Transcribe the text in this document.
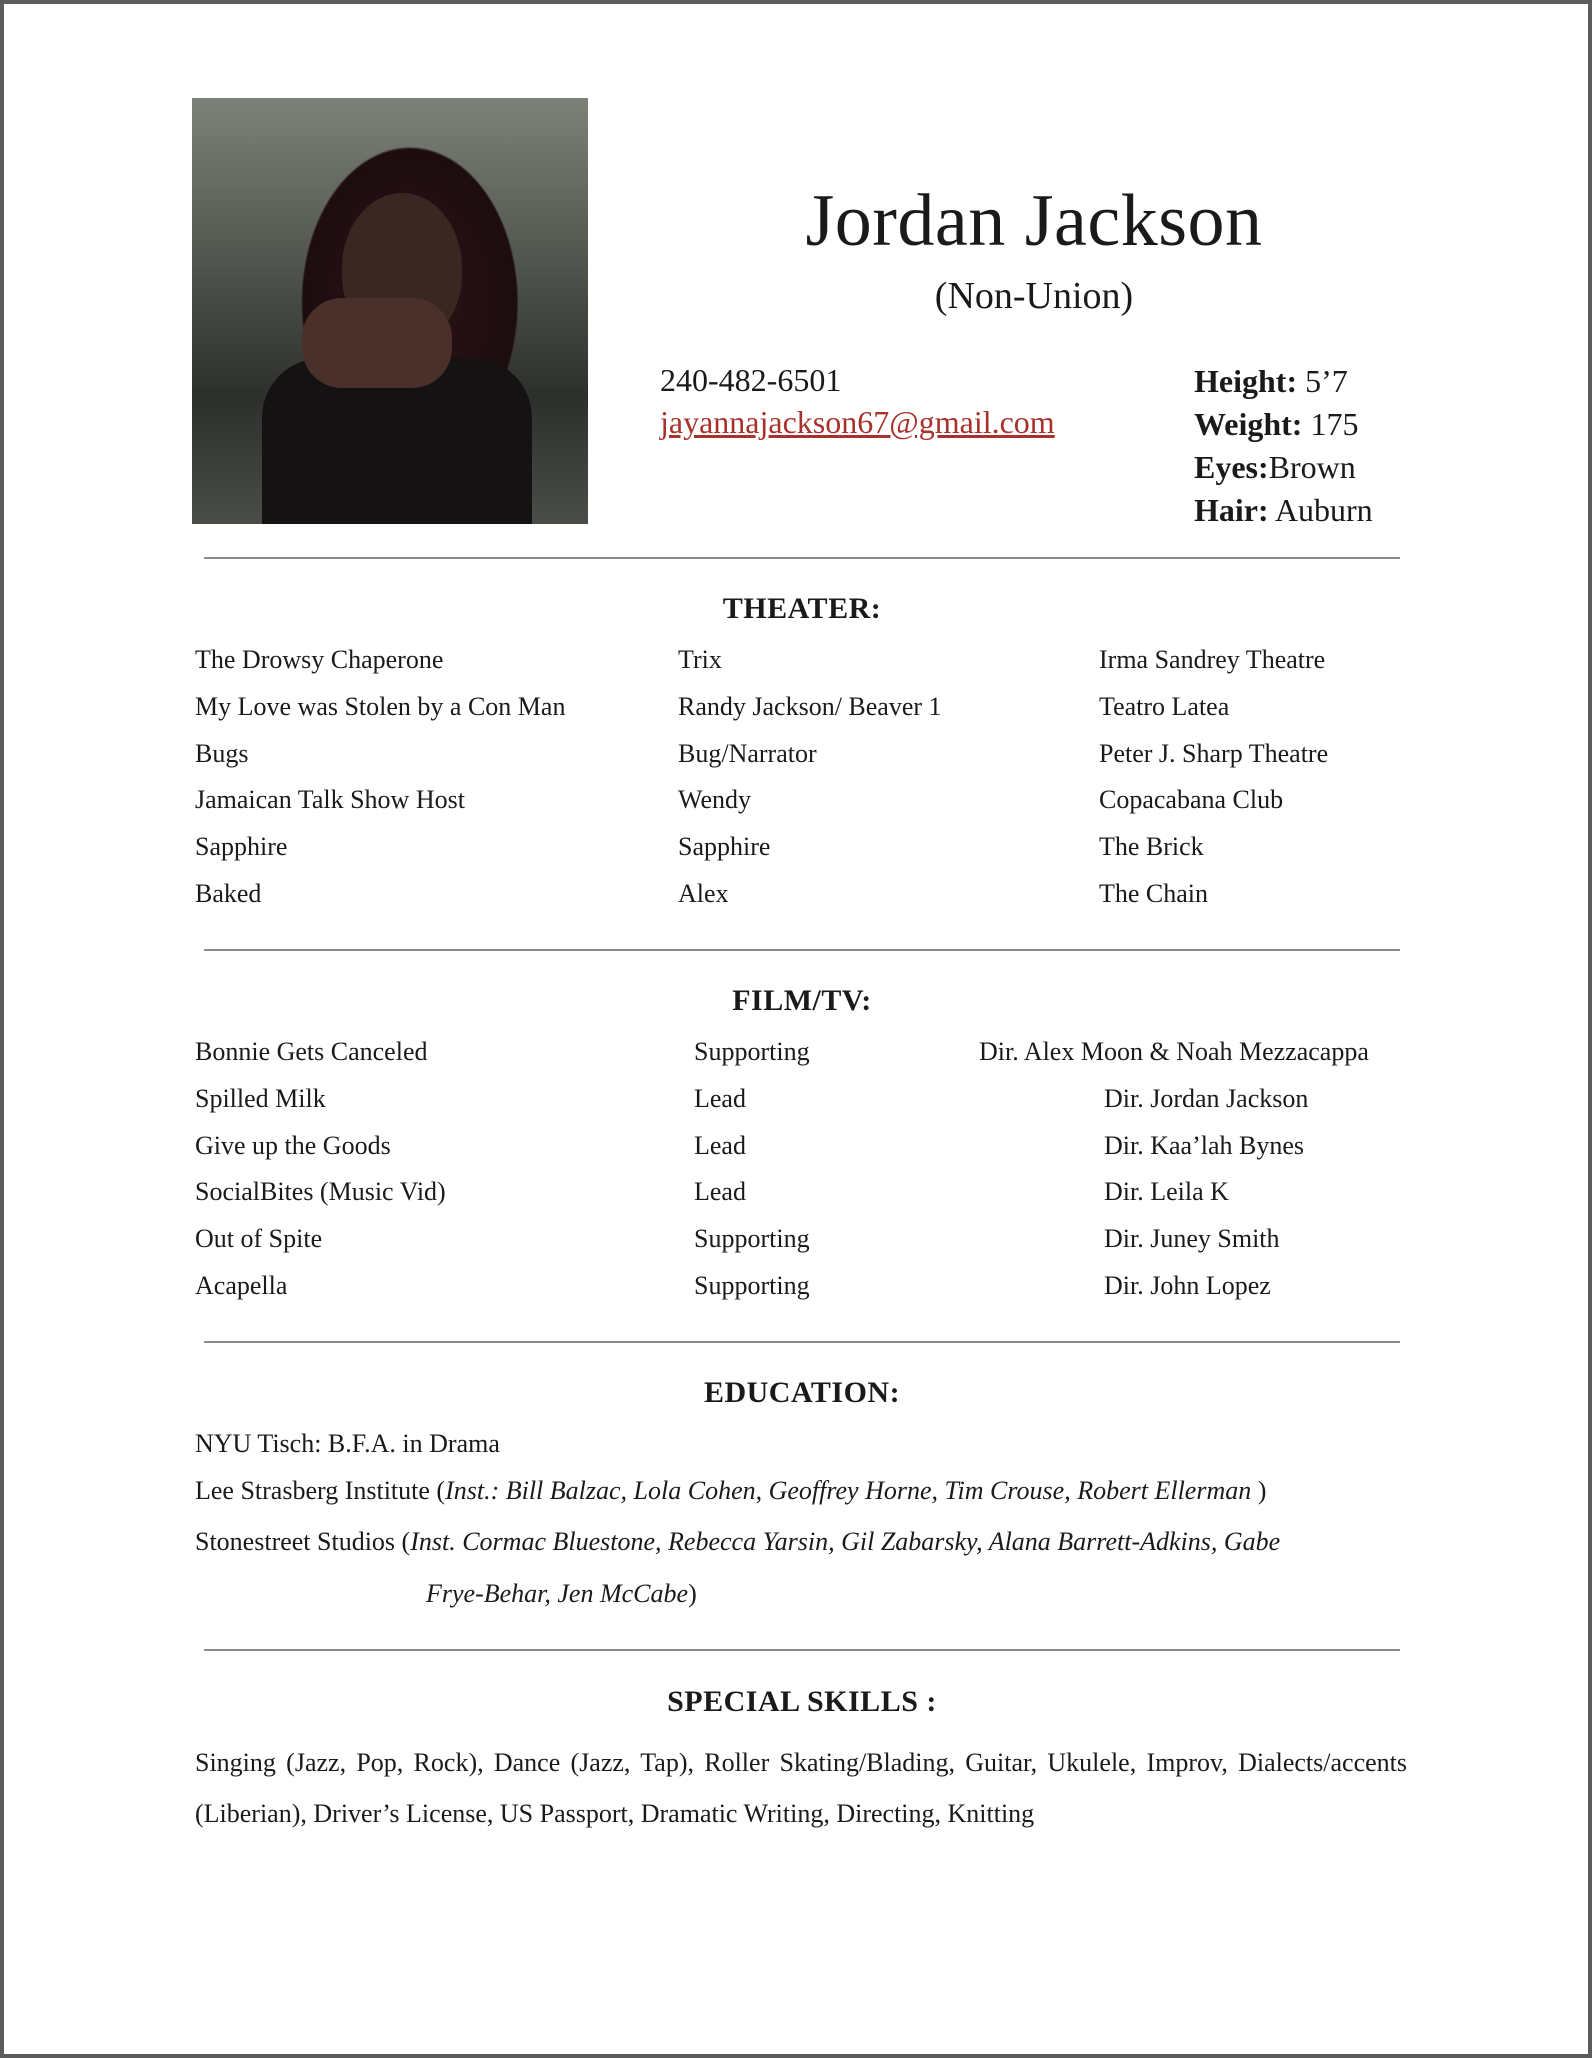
Jordan Jackson
(Non-Union)
240-482-6501
jayannajackson67@gmail.com
Height: 5’7
Weight: 175
Eyes:Brown
Hair: Auburn
THEATER:
The Drowsy Chaperone	Trix	Irma Sandrey Theatre
My Love was Stolen by a Con Man	Randy Jackson/ Beaver 1	Teatro Latea
Bugs	Bug/Narrator	Peter J. Sharp Theatre
Jamaican Talk Show Host	Wendy	Copacabana Club
Sapphire	Sapphire	The Brick
Baked	Alex	The Chain
FILM/TV:
Bonnie Gets Canceled	Supporting	Dir. Alex Moon & Noah Mezzacappa
Spilled Milk	Lead	Dir. Jordan Jackson
Give up the Goods	Lead	Dir. Kaa’lah Bynes
SocialBites (Music Vid)	Lead	Dir. Leila K
Out of Spite	Supporting	Dir. Juney Smith
Acapella	Supporting	Dir. John Lopez
EDUCATION:
NYU Tisch: B.F.A. in Drama
Lee Strasberg Institute (Inst.: Bill Balzac, Lola Cohen, Geoffrey Horne, Tim Crouse, Robert Ellerman )
Stonestreet Studios (Inst. Cormac Bluestone, Rebecca Yarsin, Gil Zabarsky, Alana Barrett-Adkins, Gabe
Frye-Behar, Jen McCabe)
SPECIAL SKILLS :
Singing (Jazz, Pop, Rock), Dance (Jazz, Tap), Roller Skating/Blading, Guitar, Ukulele, Improv, Dialects/accents (Liberian), Driver’s License, US Passport, Dramatic Writing, Directing, Knitting
